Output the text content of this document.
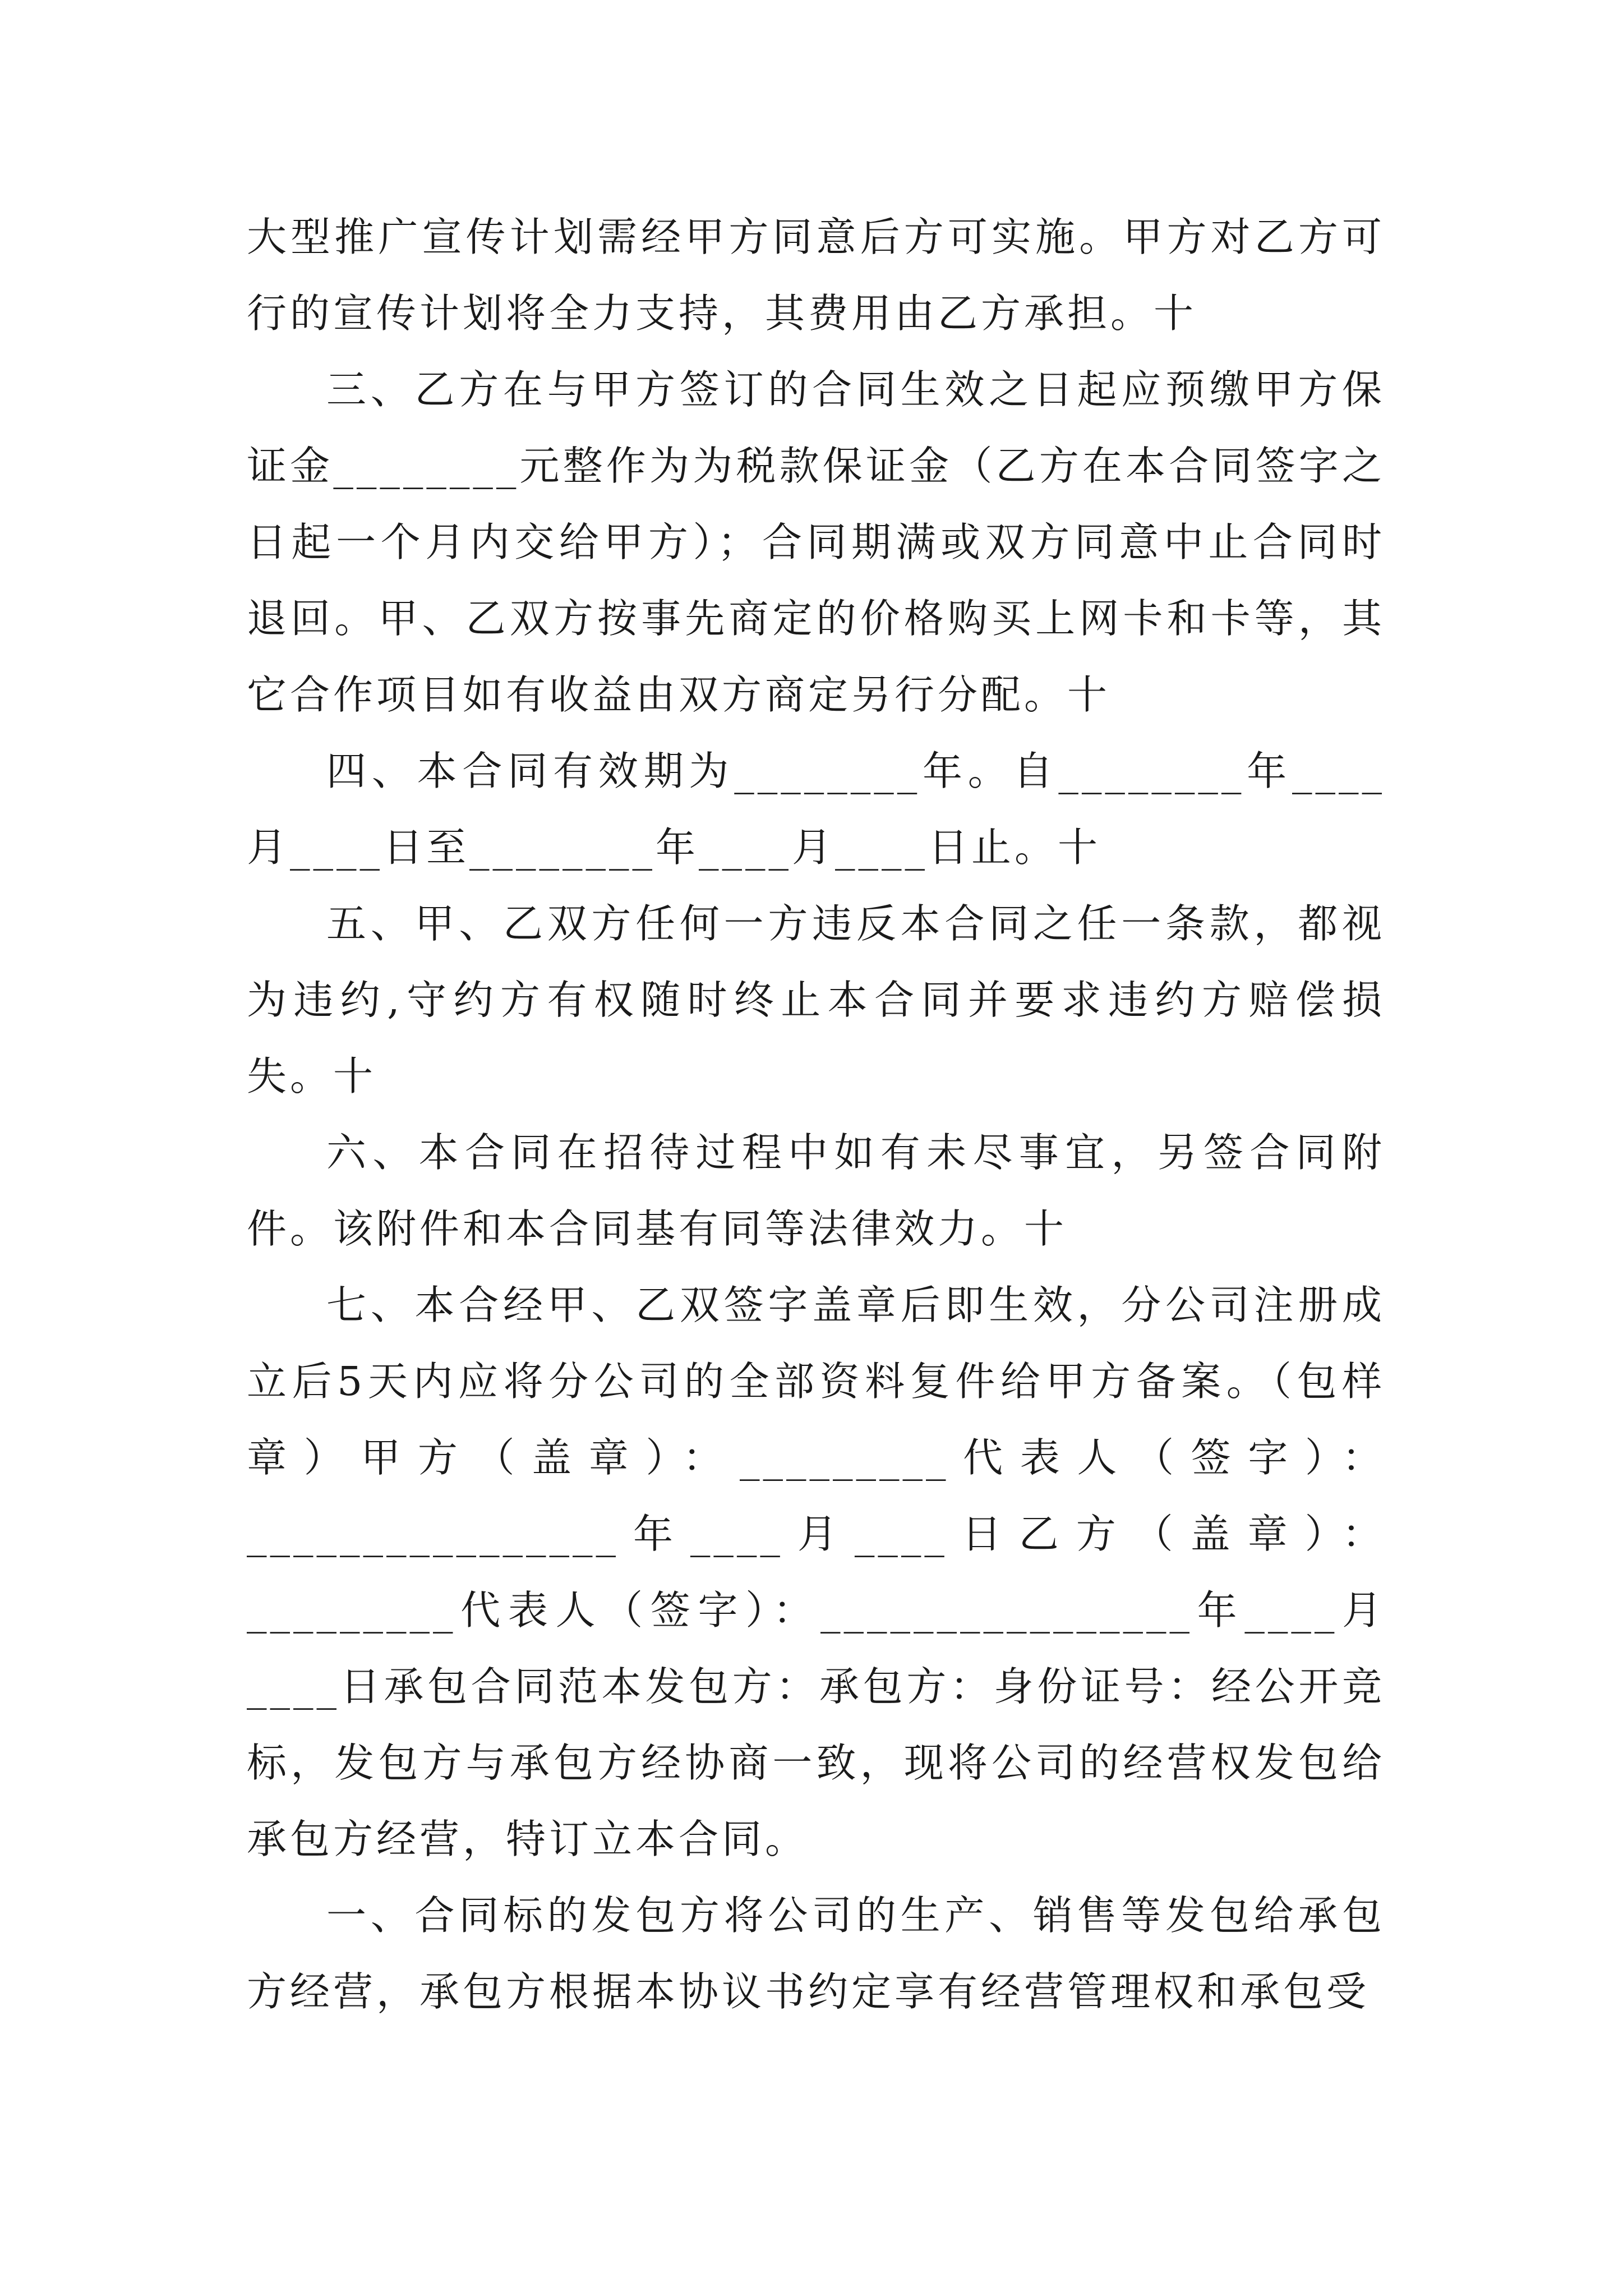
大型推广宣传计划需经甲方同意后方可实施。甲方对乙方可行的宣传计划将全力支持，其费用由乙方承担。十

三、乙方在与甲方签订的合同生效之日起应预缴甲方保证金________元整作为为税款保证金（乙方在本合同签字之日起一个月内交给甲方）；合同期满或双方同意中止合同时退回。甲、乙双方按事先商定的价格购买上网卡和卡等，其它合作项目如有收益由双方商定另行分配。十

四、本合同有效期为________年。自________年____月____日至________年____月____日止。十

五、甲、乙双方任何一方违反本合同之任一条款，都视为违约,守约方有权随时终止本合同并要求违约方赔偿损失。十

六、本合同在招待过程中如有未尽事宜，另签合同附件。该附件和本合同基有同等法律效力。十

七、本合经甲、乙双签字盖章后即生效，分公司注册成立后5天内应将分公司的全部资料复件给甲方备案。（包样章）甲方（盖章）：_________代表人（签字）：________________年____月____日乙方（盖章）：_________代表人（签字）：________________年____月____日承包合同范本发包方：承包方：身份证号：经公开竞标，发包方与承包方经协商一致，现将公司的经营权发包给承包方经营，特订立本合同。

一、合同标的发包方将公司的生产、销售等发包给承包方经营，承包方根据本协议书约定享有经营管理权和承包受
